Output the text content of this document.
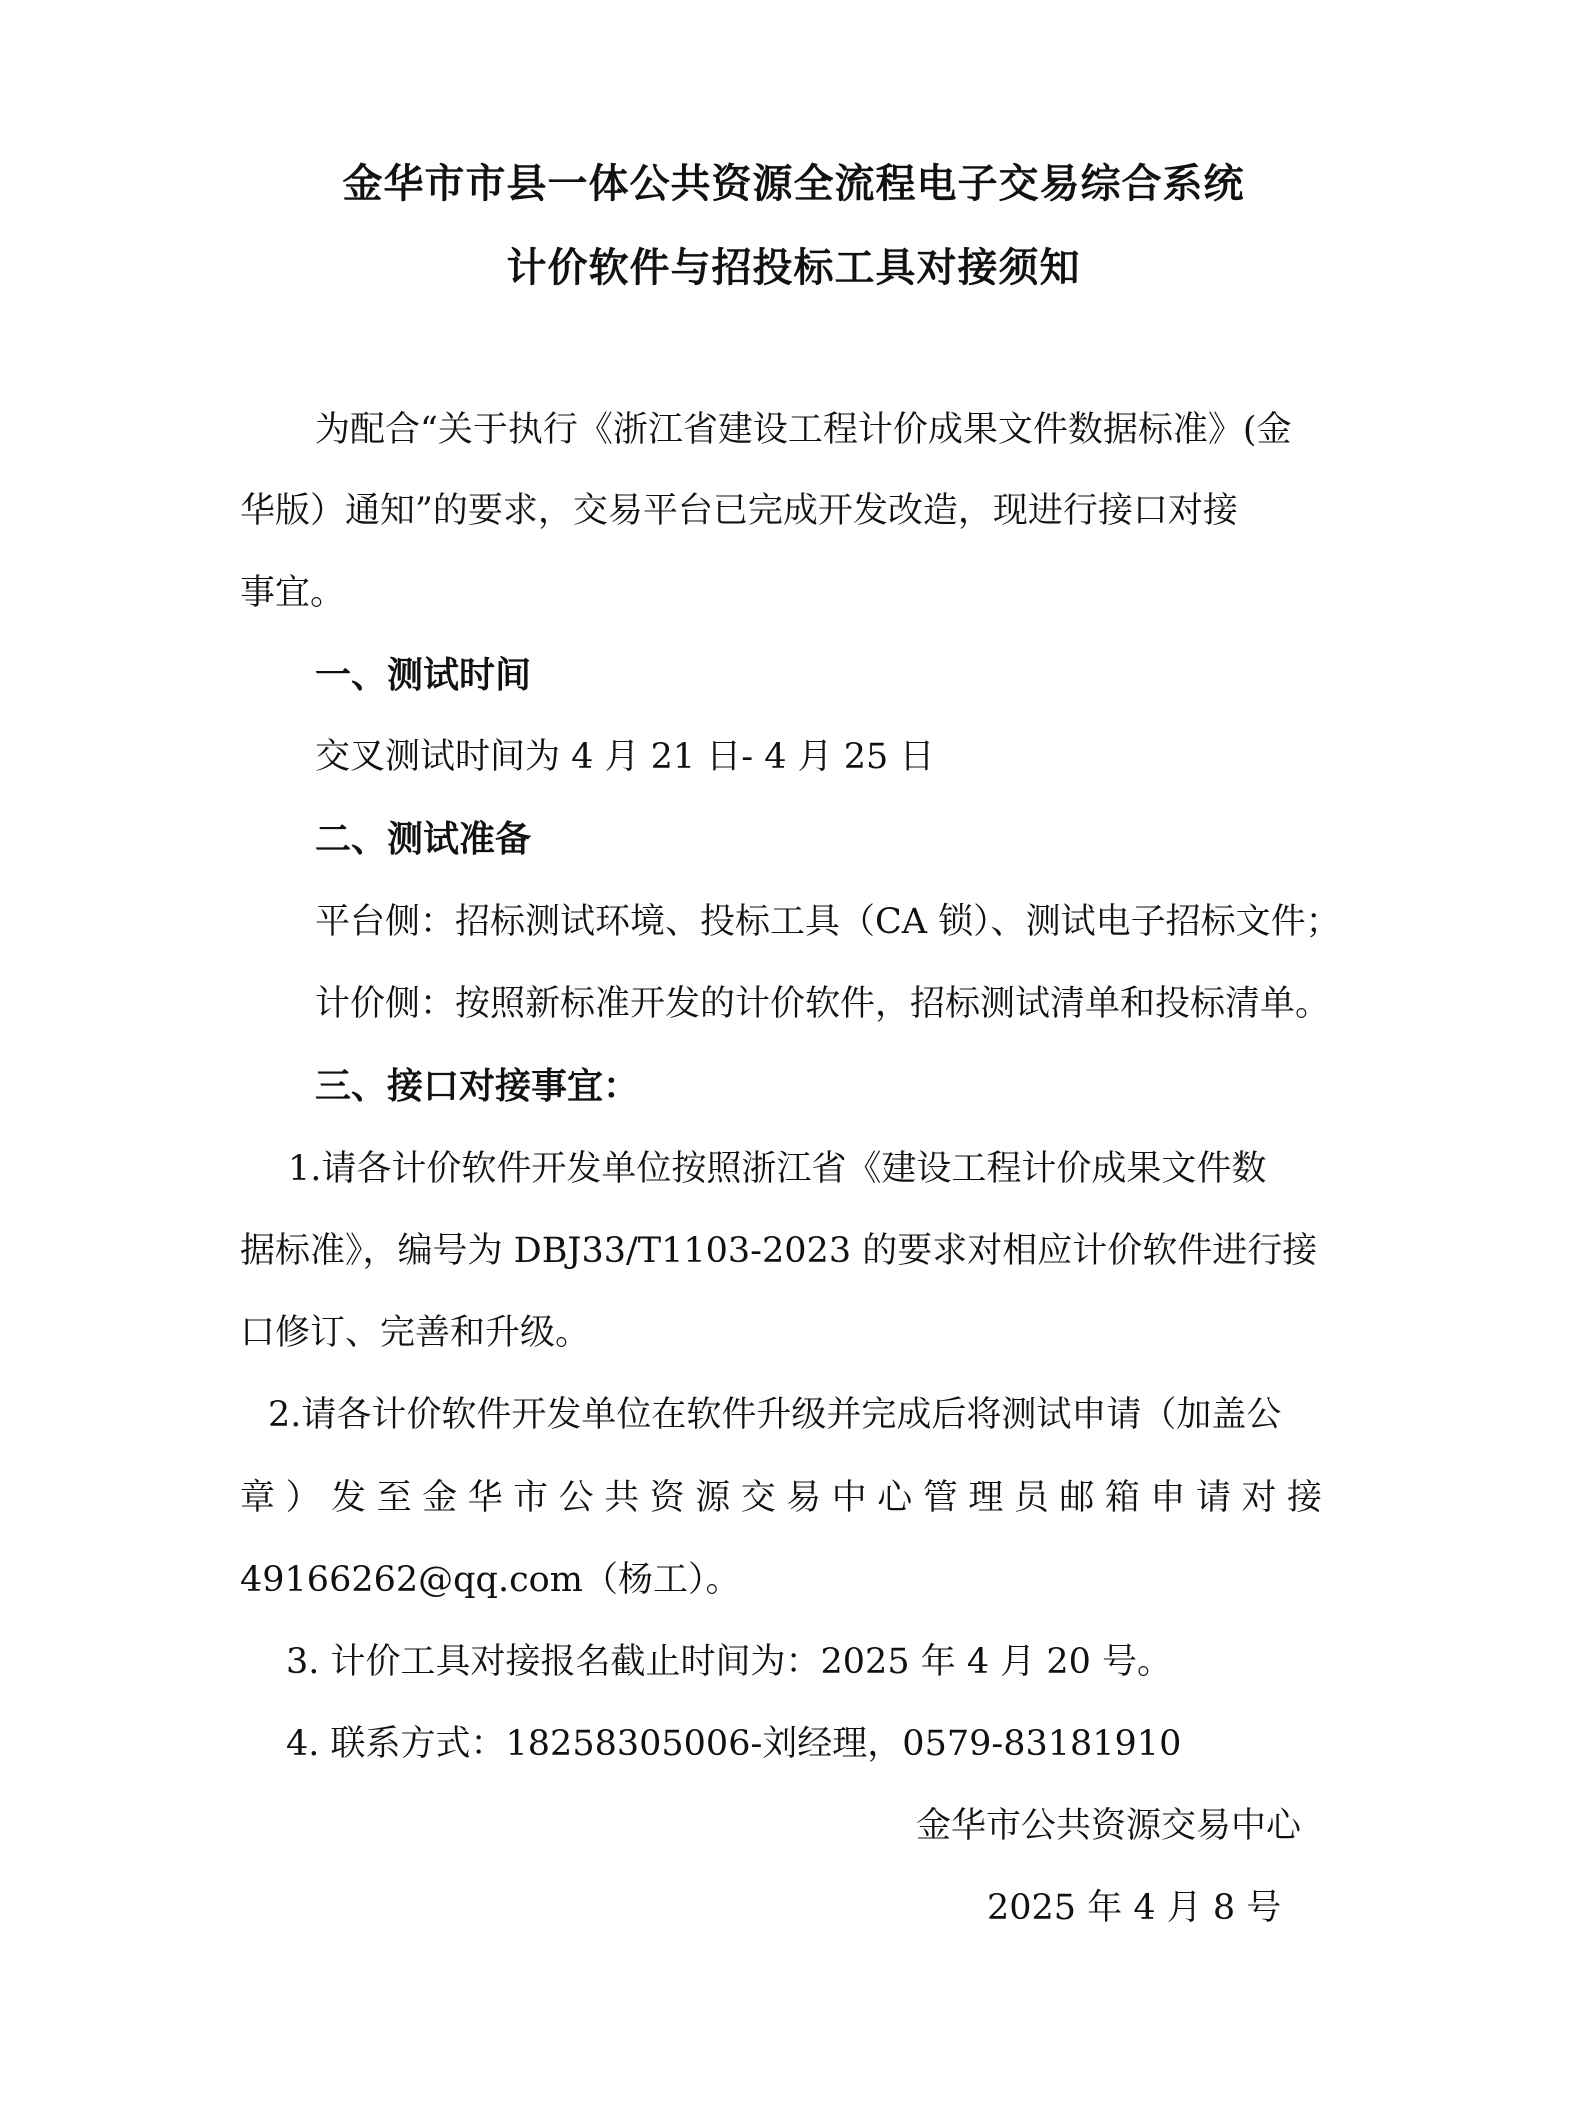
金华市市县一体公共资源全流程电子交易综合系统
计价软件与招投标工具对接须知
为配合“关于执行《浙江省建设工程计价成果文件数据标准》(金
华版）通知”的要求，交易平台已完成开发改造，现进行接口对接
事宜。
一、测试时间
交叉测试时间为 4 月 21 日- 4 月 25 日
二、测试准备
平台侧：招标测试环境、投标工具（CA 锁）、测试电子招标文件；
计价侧：按照新标准开发的计价软件，招标测试清单和投标清单。
三、接口对接事宜：
1.请各计价软件开发单位按照浙江省《建设工程计价成果文件数
据标准》，编号为 DBJ33/T1103-2023 的要求对相应计价软件进行接
口修订、完善和升级。
2.请各计价软件开发单位在软件升级并完成后将测试申请（加盖公
章）发至金华市公共资源交易中心管理员邮箱申请对接
49166262@qq.com（杨工）。
3. 计价工具对接报名截止时间为：2025 年 4 月 20 号。
4. 联系方式：18258305006-刘经理，0579-83181910
金华市公共资源交易中心
2025 年 4 月 8 号
